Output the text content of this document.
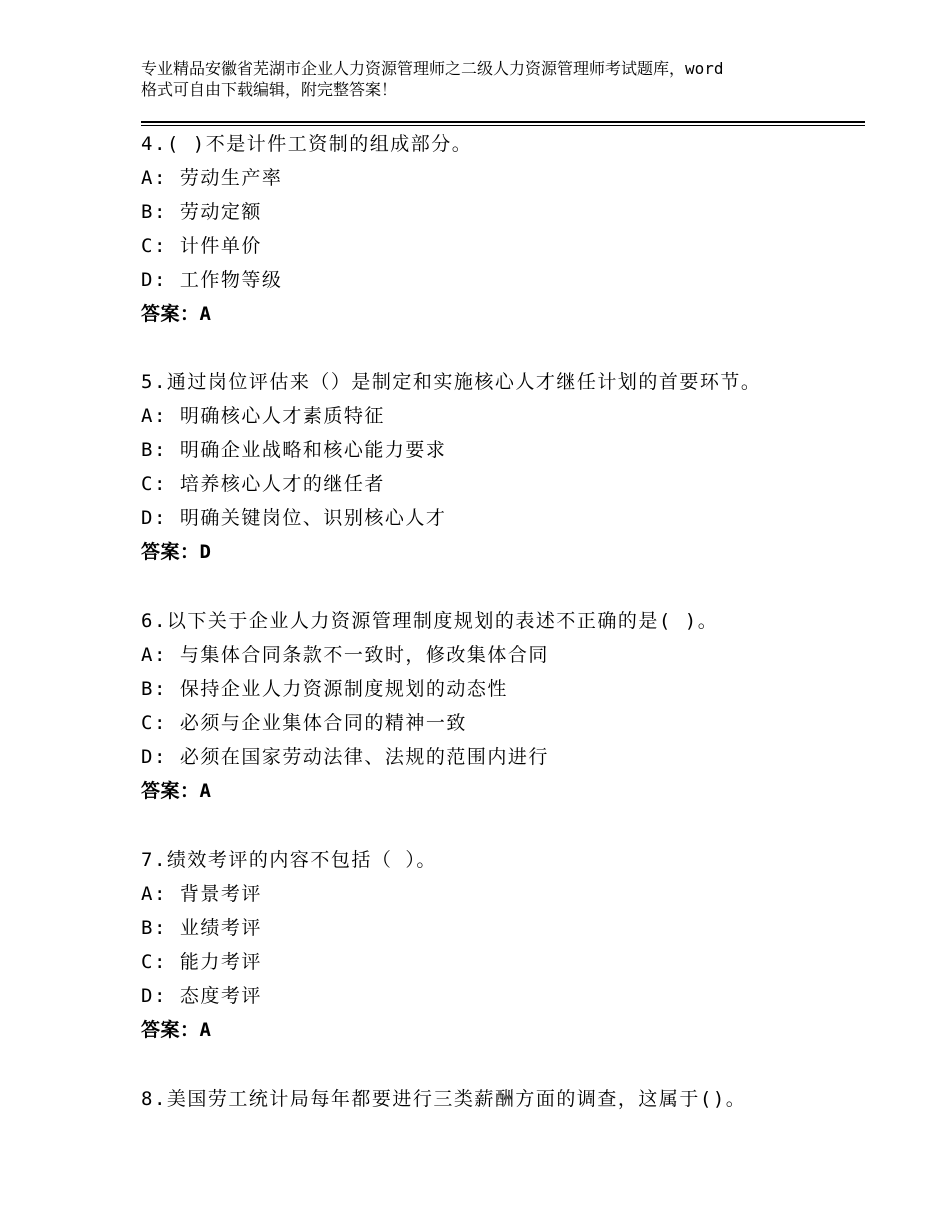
专业精品安徽省芜湖市企业人力资源管理师之二级人力资源管理师考试题库，word
格式可自由下载编辑，附完整答案！
4.( )不是计件工资制的组成部分。
A: 劳动生产率
B: 劳动定额
C: 计件单价
D: 工作物等级
答案：A
5.通过岗位评估来（）是制定和实施核心人才继任计划的首要环节。
A: 明确核心人才素质特征
B: 明确企业战略和核心能力要求
C: 培养核心人才的继任者
D: 明确关键岗位、识别核心人才
答案：D
6.以下关于企业人力资源管理制度规划的表述不正确的是( )。
A: 与集体合同条款不一致时，修改集体合同
B: 保持企业人力资源制度规划的动态性
C: 必须与企业集体合同的精神一致
D: 必须在国家劳动法律、法规的范围内进行
答案：A
7.绩效考评的内容不包括（ ）。
A: 背景考评
B: 业绩考评
C: 能力考评
D: 态度考评
答案：A
8.美国劳工统计局每年都要进行三类薪酬方面的调查，这属于()。
